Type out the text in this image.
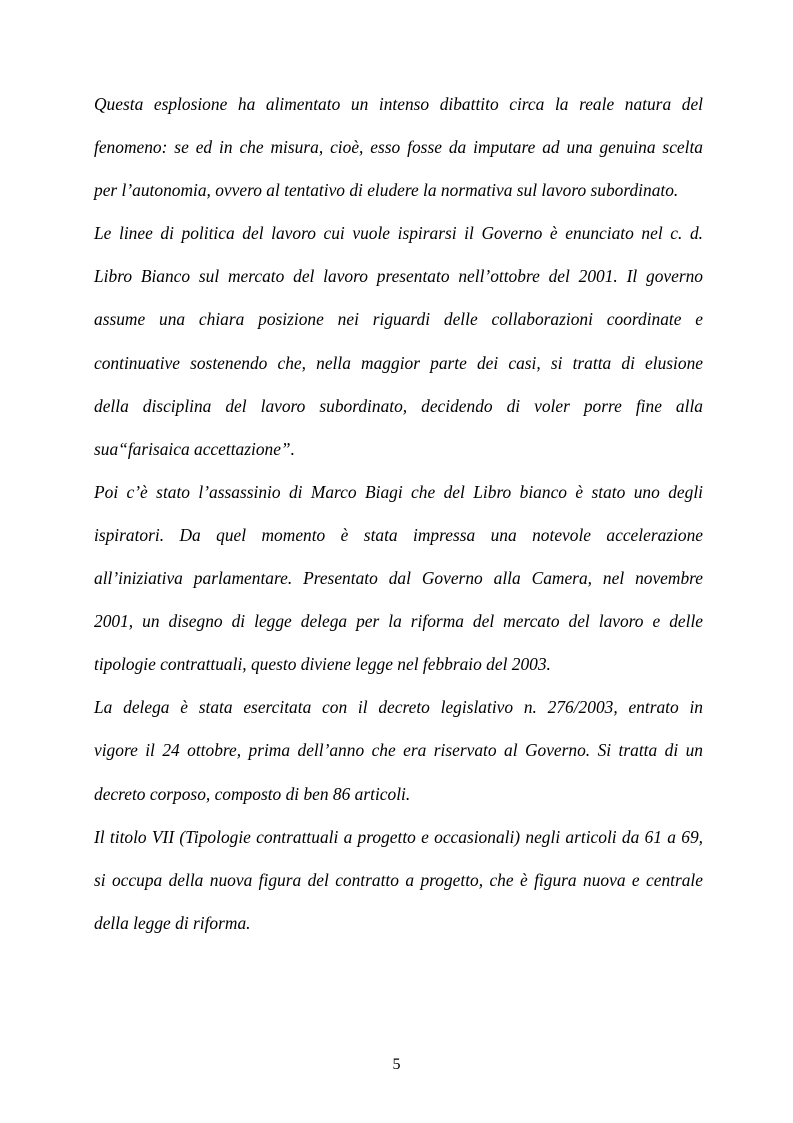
Questa esplosione ha alimentato un intenso dibattito circa la reale natura del
fenomeno: se ed in che misura, cioè, esso fosse da imputare ad una genuina scelta
per l’autonomia, ovvero al tentativo di eludere la normativa sul lavoro subordinato.
Le linee di politica del lavoro cui vuole ispirarsi il Governo è enunciato nel c. d.
Libro Bianco sul mercato del lavoro presentato nell’ottobre del 2001. Il governo
assume una chiara posizione nei riguardi delle collaborazioni coordinate e
continuative sostenendo che, nella maggior parte dei casi, si tratta di elusione
della disciplina del lavoro subordinato, decidendo di voler porre fine alla
sua“farisaica accettazione”.
Poi c’è stato l’assassinio di Marco Biagi che del Libro bianco è stato uno degli
ispiratori. Da quel momento è stata impressa una notevole accelerazione
all’iniziativa parlamentare. Presentato dal Governo alla Camera, nel novembre
2001, un disegno di legge delega per la riforma del mercato del lavoro e delle
tipologie contrattuali, questo diviene legge nel febbraio del 2003.
La delega è stata esercitata con il decreto legislativo n. 276/2003, entrato in
vigore il 24 ottobre, prima dell’anno che era riservato al Governo. Si tratta di un
decreto corposo, composto di ben 86 articoli.
Il titolo VII (Tipologie contrattuali a progetto e occasionali) negli articoli da 61 a 69,
si occupa della nuova figura del contratto a progetto, che è figura nuova e centrale
della legge di riforma.
5
